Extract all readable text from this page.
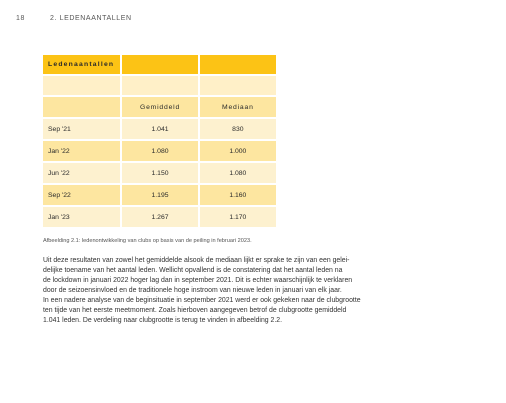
18	2. LEDENAANTALLEN
Ledenaantallen		

	Gemiddeld	Mediaan
Sep '21	1.041	830
Jan '22	1.080	1.000
Jun '22	1.150	1.080
Sep '22	1.195	1.160
Jan '23	1.267	1.170
Afbeelding 2.1: ledenontwikkeling van clubs op basis van de peiling in februari 2023.

Uit deze resultaten van zowel het gemiddelde alsook de mediaan lijkt er sprake te zijn van een gelei-

delijke toename van het aantal leden. Wellicht opvallend is de constatering dat het aantal leden na

de lockdown in januari 2022 hoger lag dan in september 2021. Dit is echter waarschijnlijk te verklaren

door de seizoensinvloed en de traditionele hoge instroom van nieuwe leden in januari van elk jaar.

In een nadere analyse van de beginsituatie in september 2021 werd er ook gekeken naar de clubgrootte

ten tijde van het eerste meetmoment. Zoals hierboven aangegeven betrof de clubgrootte gemiddeld

1.041 leden. De verdeling naar clubgrootte is terug te vinden in afbeelding 2.2.
